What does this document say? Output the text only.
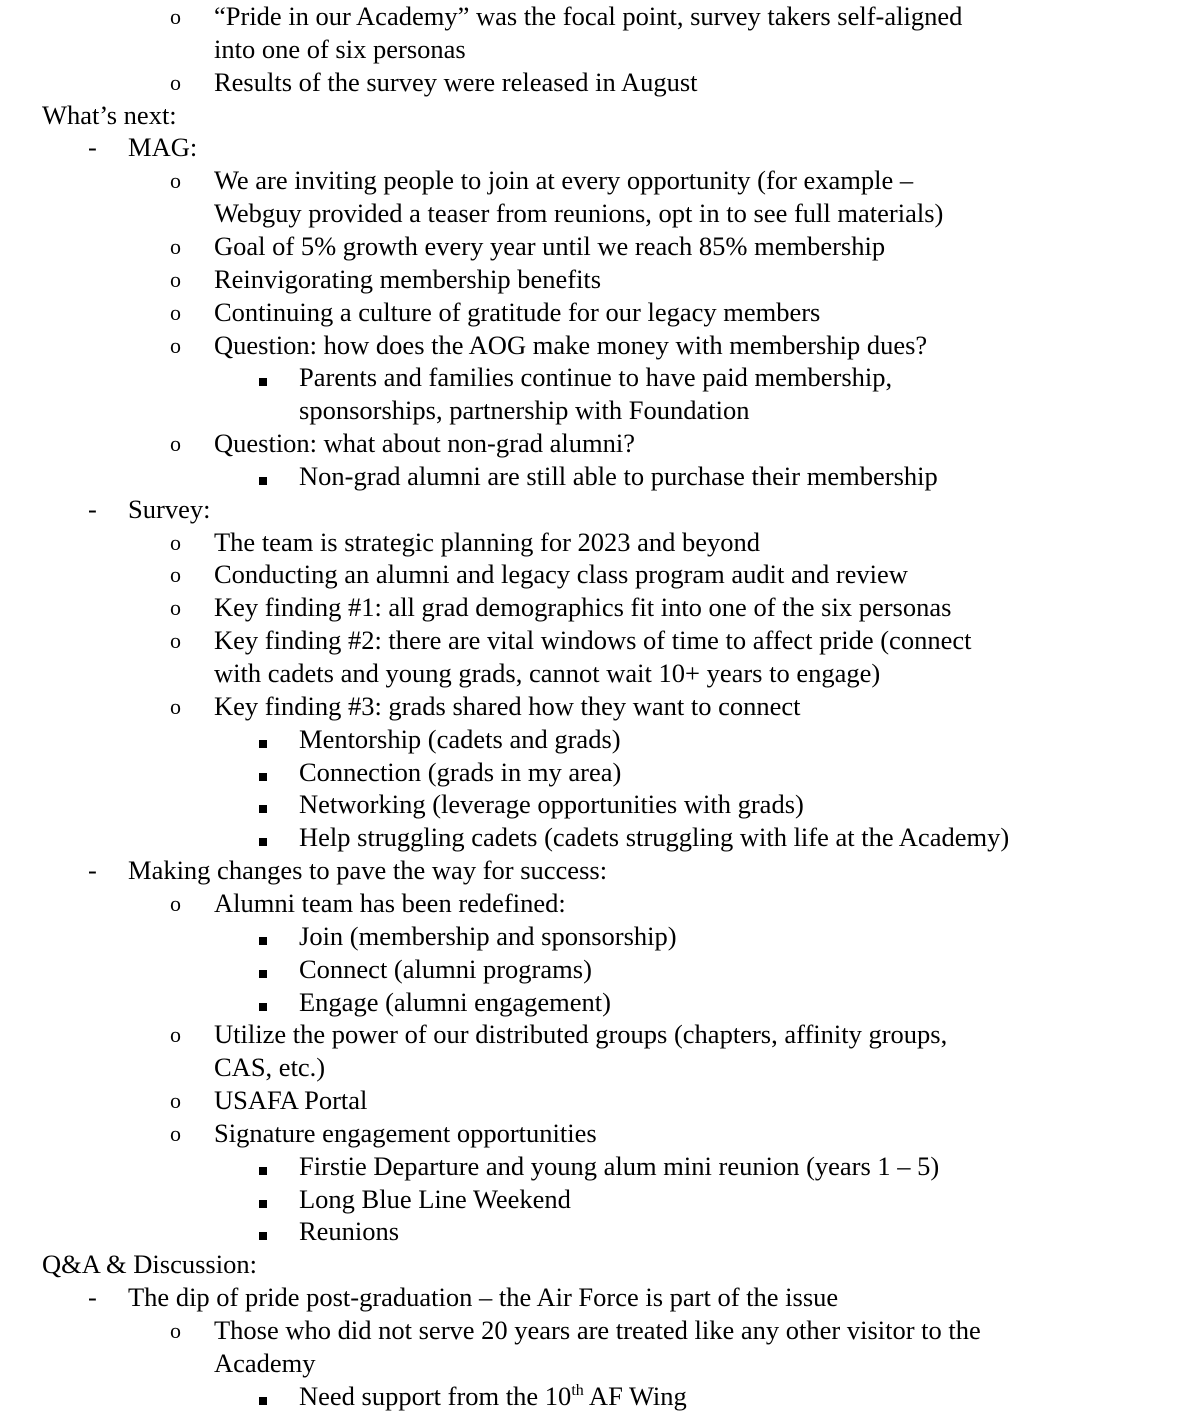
o “Pride in our Academy” was the focal point, survey takers self-aligned
into one of six personas
o Results of the survey were released in August
What’s next:
- MAG:
o We are inviting people to join at every opportunity (for example –
Webguy provided a teaser from reunions, opt in to see full materials)
o Goal of 5% growth every year until we reach 85% membership
o Reinvigorating membership benefits
o Continuing a culture of gratitude for our legacy members
o Question: how does the AOG make money with membership dues?
Parents and families continue to have paid membership,
sponsorships, partnership with Foundation
o Question: what about non-grad alumni?
Non-grad alumni are still able to purchase their membership
- Survey:
o The team is strategic planning for 2023 and beyond
o Conducting an alumni and legacy class program audit and review
o Key finding #1: all grad demographics fit into one of the six personas
o Key finding #2: there are vital windows of time to affect pride (connect
with cadets and young grads, cannot wait 10+ years to engage)
o Key finding #3: grads shared how they want to connect
Mentorship (cadets and grads)
Connection (grads in my area)
Networking (leverage opportunities with grads)
Help struggling cadets (cadets struggling with life at the Academy)
- Making changes to pave the way for success:
o Alumni team has been redefined:
Join (membership and sponsorship)
Connect (alumni programs)
Engage (alumni engagement)
o Utilize the power of our distributed groups (chapters, affinity groups,
CAS, etc.)
o USAFA Portal
o Signature engagement opportunities
Firstie Departure and young alum mini reunion (years 1 – 5)
Long Blue Line Weekend
Reunions
Q&A & Discussion:
- The dip of pride post-graduation – the Air Force is part of the issue
o Those who did not serve 20 years are treated like any other visitor to the
Academy
Need support from the 10th AF Wing
